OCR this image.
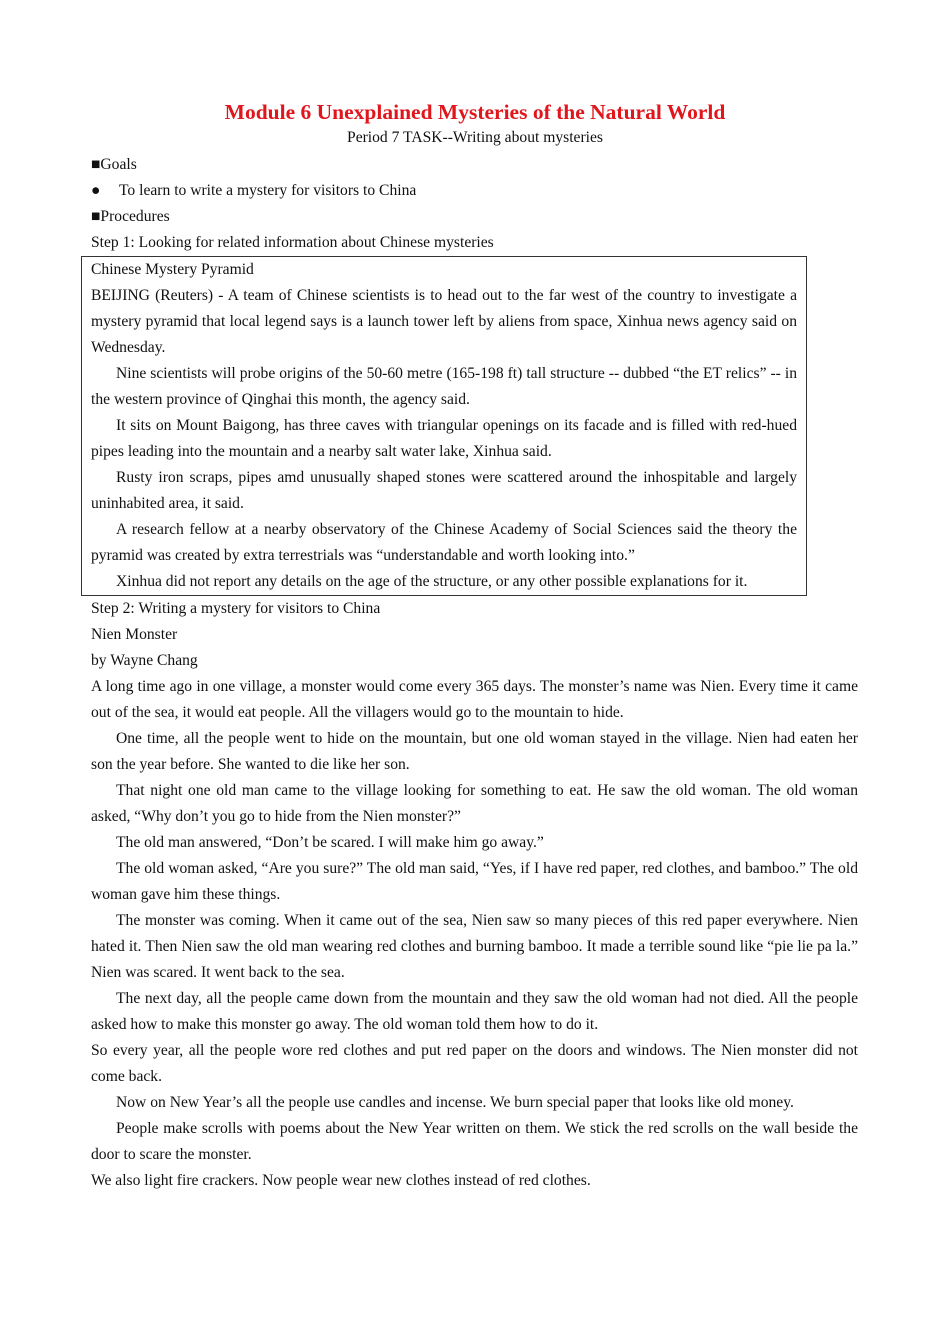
Module 6 Unexplained Mysteries of the Natural World
Period 7 TASK--Writing about mysteries
■Goals
● To learn to write a mystery for visitors to China
■Procedures
Step 1: Looking for related information about Chinese mysteries

Chinese Mystery Pyramid

BEIJING (Reuters) - A team of Chinese scientists is to head out to the far west of the country to investigate a mystery pyramid that local legend says is a launch tower left by aliens from space, Xinhua news agency said on Wednesday.

Nine scientists will probe origins of the 50-60 metre (165-198 ft) tall structure -- dubbed “the ET relics” -- in the western province of Qinghai this month, the agency said.

It sits on Mount Baigong, has three caves with triangular openings on its facade and is filled with red-hued pipes leading into the mountain and a nearby salt water lake, Xinhua said.

Rusty iron scraps, pipes amd unusually shaped stones were scattered around the inhospitable and largely uninhabited area, it said.

A research fellow at a nearby observatory of the Chinese Academy of Social Sciences said the theory the pyramid was created by extra terrestrials was “understandable and worth looking into.”

Xinhua did not report any details on the age of the structure, or any other possible explanations for it.

Step 2: Writing a mystery for visitors to China
Nien Monster
by Wayne Chang

A long time ago in one village, a monster would come every 365 days. The monster’s name was Nien. Every time it came out of the sea, it would eat people. All the villagers would go to the mountain to hide.

One time, all the people went to hide on the mountain, but one old woman stayed in the village. Nien had eaten her son the year before. She wanted to die like her son.

That night one old man came to the village looking for something to eat. He saw the old woman. The old woman asked, “Why don’t you go to hide from the Nien monster?”

The old man answered, “Don’t be scared. I will make him go away.”

The old woman asked, “Are you sure?” The old man said, “Yes, if I have red paper, red clothes, and bamboo.” The old woman gave him these things.

The monster was coming. When it came out of the sea, Nien saw so many pieces of this red paper everywhere. Nien hated it. Then Nien saw the old man wearing red clothes and burning bamboo. It made a terrible sound like “pie lie pa la.” Nien was scared. It went back to the sea.

The next day, all the people came down from the mountain and they saw the old woman had not died. All the people asked how to make this monster go away. The old woman told them how to do it.

So every year, all the people wore red clothes and put red paper on the doors and windows. The Nien monster did not come back.

Now on New Year’s all the people use candles and incense. We burn special paper that looks like old money.

People make scrolls with poems about the New Year written on them. We stick the red scrolls on the wall beside the door to scare the monster.

We also light fire crackers. Now people wear new clothes instead of red clothes.
